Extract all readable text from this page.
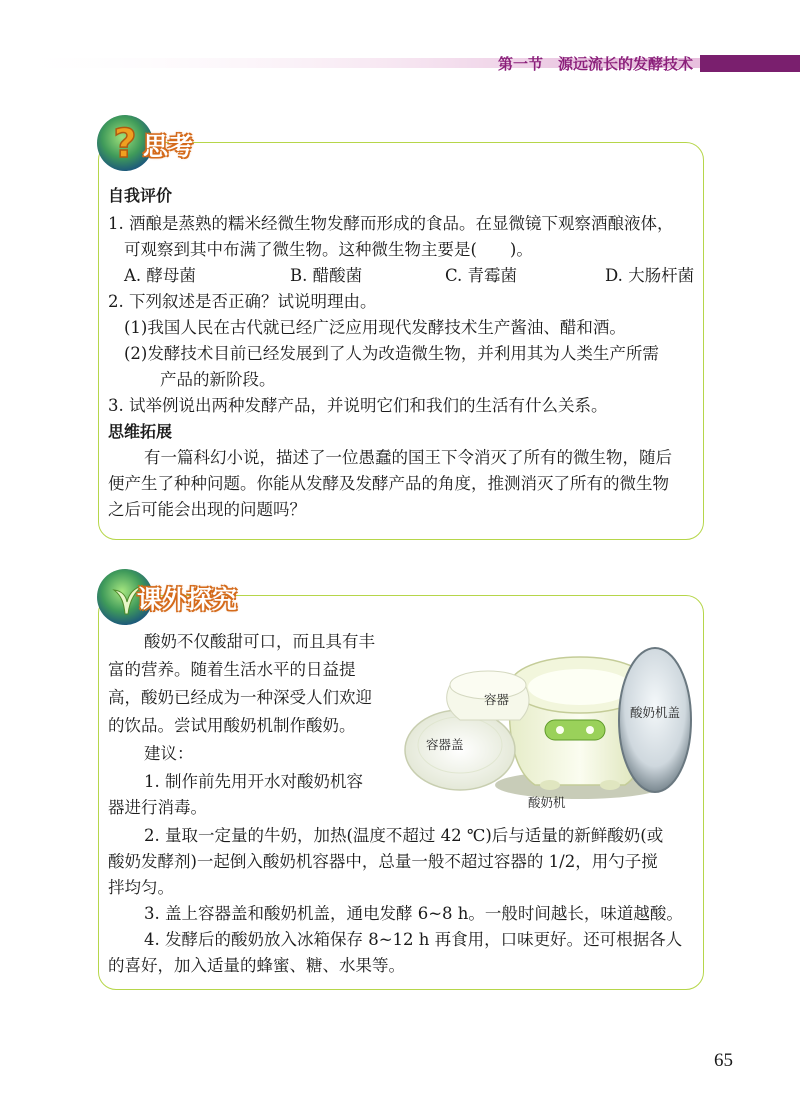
第一节　源远流长的发酵技术
? 思考
自我评价
1. 酒酿是蒸熟的糯米经微生物发酵而形成的食品。在显微镜下观察酒酿液体，
可观察到其中布满了微生物。这种微生物主要是(　　)。
A. 酵母菌	B. 醋酸菌	C. 青霉菌	D. 大肠杆菌
2. 下列叙述是否正确？试说明理由。
(1)我国人民在古代就已经广泛应用现代发酵技术生产酱油、醋和酒。
(2)发酵技术目前已经发展到了人为改造微生物，并利用其为人类生产所需
产品的新阶段。
3. 试举例说出两种发酵产品，并说明它们和我们的生活有什么关系。
思维拓展
有一篇科幻小说，描述了一位愚蠢的国王下令消灭了所有的微生物，随后
便产生了种种问题。你能从发酵及发酵产品的角度，推测消灭了所有的微生物
之后可能会出现的问题吗？
课外探究
酸奶不仅酸甜可口，而且具有丰
富的营养。随着生活水平的日益提
高，酸奶已经成为一种深受人们欢迎
的饮品。尝试用酸奶机制作酸奶。
建议：
1. 制作前先用开水对酸奶机容
器进行消毒。
2. 量取一定量的牛奶，加热(温度不超过 42 ℃)后与适量的新鲜酸奶(或
酸奶发酵剂)一起倒入酸奶机容器中，总量一般不超过容器的 1/2，用勺子搅
拌均匀。
3. 盖上容器盖和酸奶机盖，通电发酵 6~8 h。一般时间越长，味道越酸。
4. 发酵后的酸奶放入冰箱保存 8~12 h 再食用，口味更好。还可根据各人
的喜好，加入适量的蜂蜜、糖、水果等。
容器
容器盖
酸奶机盖
酸奶机
65
